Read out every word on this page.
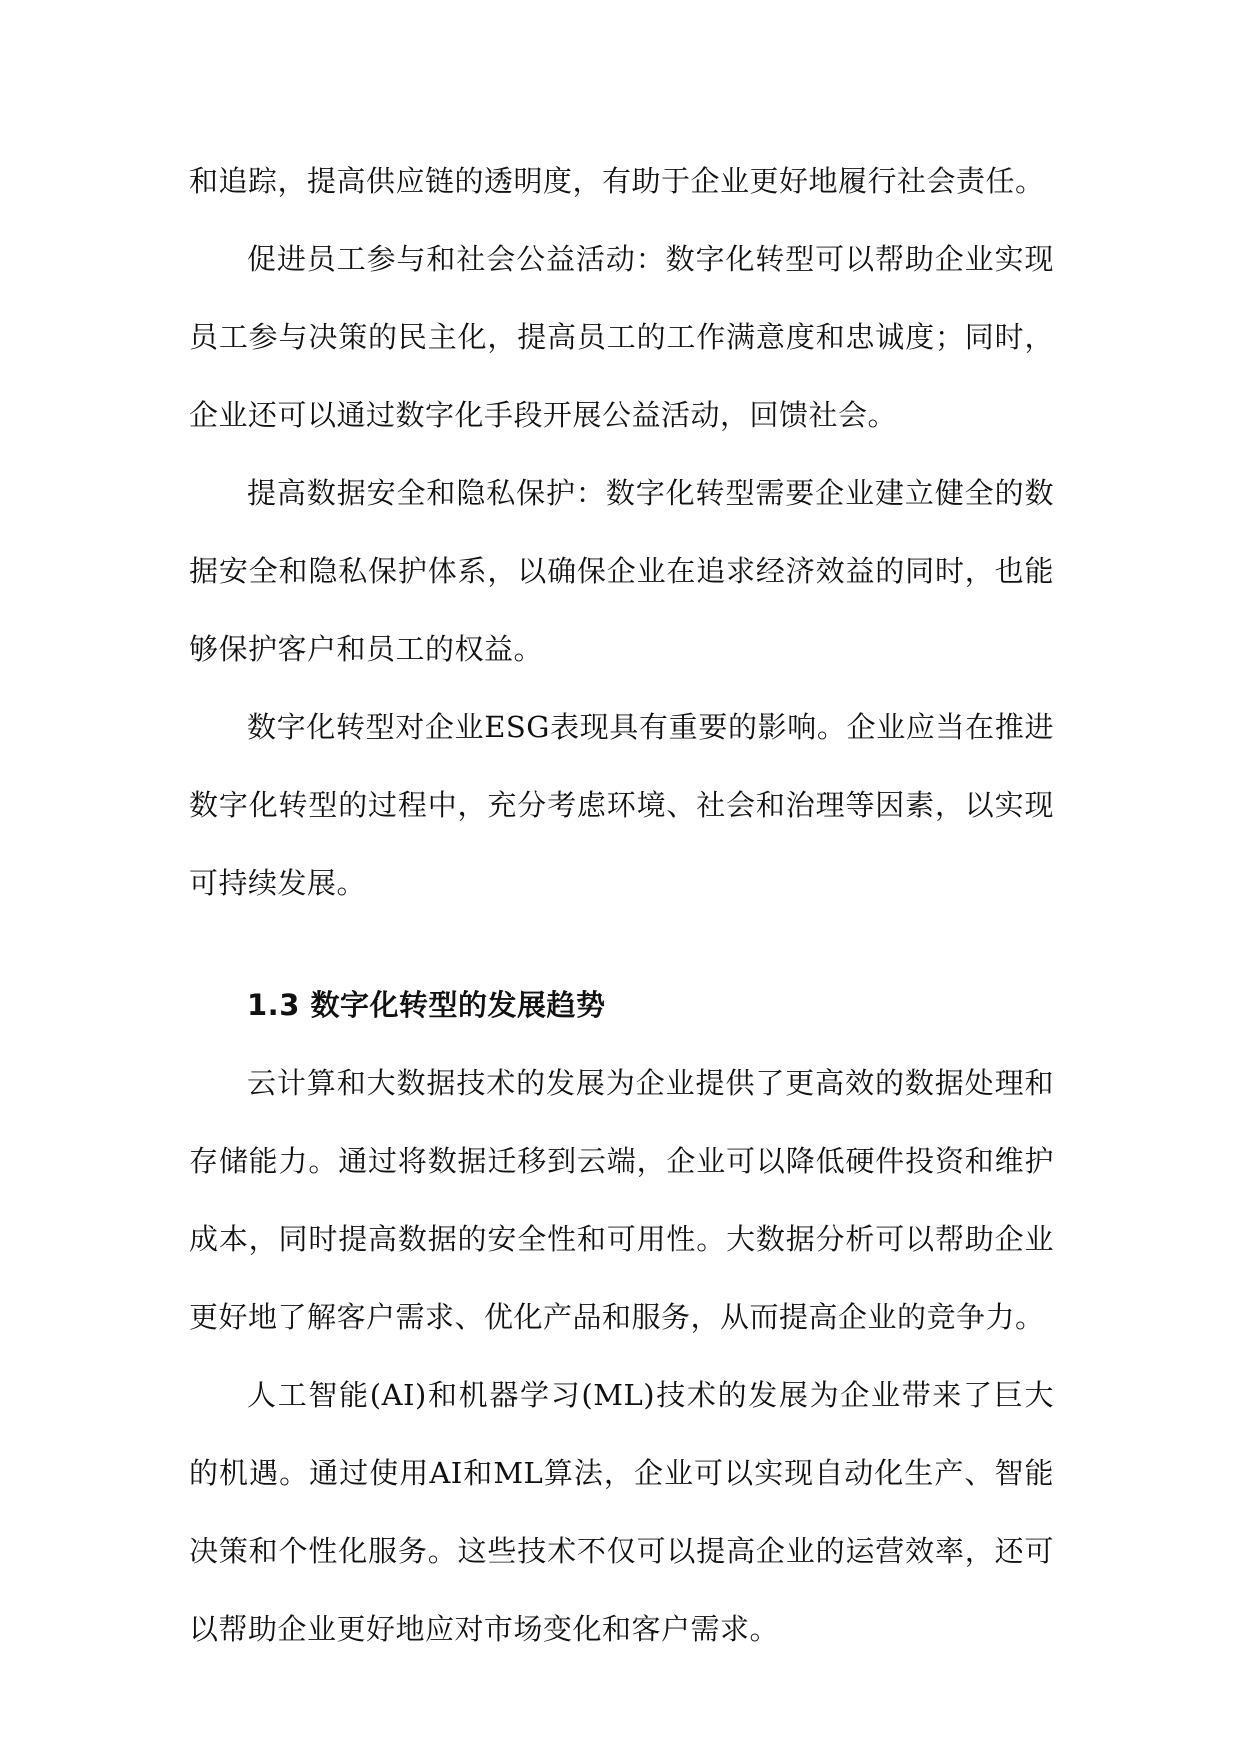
和追踪，提高供应链的透明度，有助于企业更好地履行社会责任。

促进员工参与和社会公益活动：数字化转型可以帮助企业实现员工参与决策的民主化，提高员工的工作满意度和忠诚度；同时，企业还可以通过数字化手段开展公益活动，回馈社会。

提高数据安全和隐私保护：数字化转型需要企业建立健全的数据安全和隐私保护体系，以确保企业在追求经济效益的同时，也能够保护客户和员工的权益。

数字化转型对企业ESG表现具有重要的影响。企业应当在推进数字化转型的过程中，充分考虑环境、社会和治理等因素，以实现可持续发展。

1.3 数字化转型的发展趋势

云计算和大数据技术的发展为企业提供了更高效的数据处理和存储能力。通过将数据迁移到云端，企业可以降低硬件投资和维护成本，同时提高数据的安全性和可用性。大数据分析可以帮助企业更好地了解客户需求、优化产品和服务，从而提高企业的竞争力。

人工智能(AI)和机器学习(ML)技术的发展为企业带来了巨大的机遇。通过使用AI和ML算法，企业可以实现自动化生产、智能决策和个性化服务。这些技术不仅可以提高企业的运营效率，还可以帮助企业更好地应对市场变化和客户需求。
